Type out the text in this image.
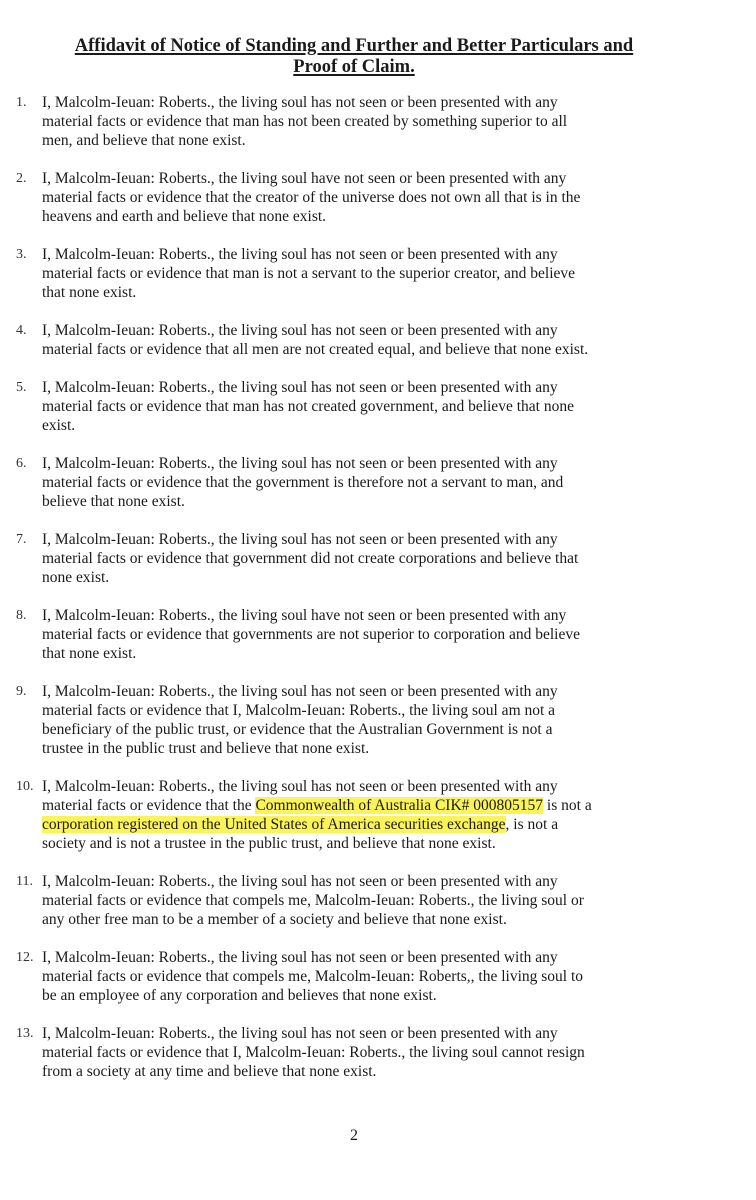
Affidavit of Notice of Standing and Further and Better Particulars and
Proof of Claim.
1. I, Malcolm-Ieuan: Roberts., the living soul has not seen or been presented with any
material facts or evidence that man has not been created by something superior to all
men, and believe that none exist.
2. I, Malcolm-Ieuan: Roberts., the living soul have not seen or been presented with any
material facts or evidence that the creator of the universe does not own all that is in the
heavens and earth and believe that none exist.
3. I, Malcolm-Ieuan: Roberts., the living soul has not seen or been presented with any
material facts or evidence that man is not a servant to the superior creator, and believe
that none exist.
4. I, Malcolm-Ieuan: Roberts., the living soul has not seen or been presented with any
material facts or evidence that all men are not created equal, and believe that none exist.
5. I, Malcolm-Ieuan: Roberts., the living soul has not seen or been presented with any
material facts or evidence that man has not created government, and believe that none
exist.
6. I, Malcolm-Ieuan: Roberts., the living soul has not seen or been presented with any
material facts or evidence that the government is therefore not a servant to man, and
believe that none exist.
7. I, Malcolm-Ieuan: Roberts., the living soul has not seen or been presented with any
material facts or evidence that government did not create corporations and believe that
none exist.
8. I, Malcolm-Ieuan: Roberts., the living soul have not seen or been presented with any
material facts or evidence that governments are not superior to corporation and believe
that none exist.
9. I, Malcolm-Ieuan: Roberts., the living soul has not seen or been presented with any
material facts or evidence that I, Malcolm-Ieuan: Roberts., the living soul am not a
beneficiary of the public trust, or evidence that the Australian Government is not a
trustee in the public trust and believe that none exist.
10. I, Malcolm-Ieuan: Roberts., the living soul has not seen or been presented with any
material facts or evidence that the Commonwealth of Australia CIK# 000805157 is not a
corporation registered on the United States of America securities exchange, is not a
society and is not a trustee in the public trust, and believe that none exist.
11. I, Malcolm-Ieuan: Roberts., the living soul has not seen or been presented with any
material facts or evidence that compels me, Malcolm-Ieuan: Roberts., the living soul or
any other free man to be a member of a society and believe that none exist.
12. I, Malcolm-Ieuan: Roberts., the living soul has not seen or been presented with any
material facts or evidence that compels me, Malcolm-Ieuan: Roberts,, the living soul to
be an employee of any corporation and believes that none exist.
13. I, Malcolm-Ieuan: Roberts., the living soul has not seen or been presented with any
material facts or evidence that I, Malcolm-Ieuan: Roberts., the living soul cannot resign
from a society at any time and believe that none exist.
2
